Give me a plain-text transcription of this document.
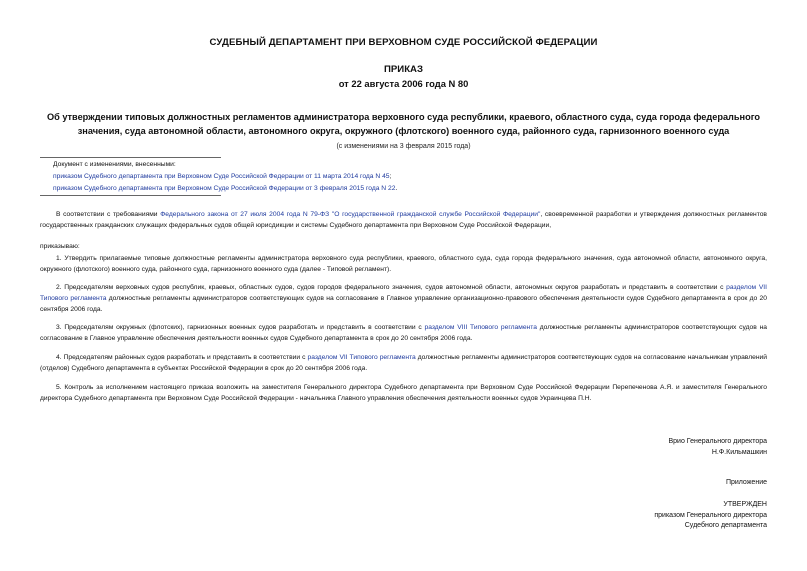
СУДЕБНЫЙ ДЕПАРТАМЕНТ ПРИ ВЕРХОВНОМ СУДЕ РОССИЙСКОЙ ФЕДЕРАЦИИ
ПРИКАЗ
от 22 августа 2006 года N 80
Об утверждении типовых должностных регламентов администратора верховного суда республики, краевого, областного суда, суда города федерального значения, суда автономной области, автономного округа, окружного (флотского) военного суда, районного суда, гарнизонного военного суда
(с изменениями на 3 февраля 2015 года)
Документ с изменениями, внесенными:
приказом Судебного департамента при Верховном Суде Российской Федерации от 11 марта 2014 года N 45;
приказом Судебного департамента при Верховном Суде Российской Федерации от 3 февраля 2015 года N 22.
В соответствии с требованиями Федерального закона от 27 июля 2004 года N 79-ФЗ "О государственной гражданской службе Российской Федерации", своевременной разработки и утверждения должностных регламентов государственных гражданских служащих федеральных судов общей юрисдикции и системы Судебного департамента при Верховном Суде Российской Федерации,
приказываю:
1. Утвердить прилагаемые типовые должностные регламенты администратора верховного суда республики, краевого, областного суда, суда города федерального значения, суда автономной области, автономного округа, окружного (флотского) военного суда, районного суда, гарнизонного военного суда (далее - Типовой регламент).
2. Председателям верховных судов республик, краевых, областных судов, судов городов федерального значения, судов автономной области, автономных округов разработать и представить в соответствии с разделом VII Типового регламента должностные регламенты администраторов соответствующих судов на согласование в Главное управление организационно-правового обеспечения деятельности судов Судебного департамента в срок до 20 сентября 2006 года.
3. Председателям окружных (флотских), гарнизонных военных судов разработать и представить в соответствии с разделом VIII Типового регламента должностные регламенты администраторов соответствующих судов на согласование в Главное управление обеспечения деятельности военных судов Судебного департамента в срок до 20 сентября 2006 года.
4. Председателям районных судов разработать и представить в соответствии с разделом VII Типового регламента должностные регламенты администраторов соответствующих судов на согласование начальникам управлений (отделов) Судебного департамента в субъектах Российской Федерации в срок до 20 сентября 2006 года.
5. Контроль за исполнением настоящего приказа возложить на заместителя Генерального директора Судебного департамента при Верховном Суде Российской Федерации Перепеченова А.Я. и заместителя Генерального директора Судебного департамента при Верховном Суде Российской Федерации - начальника Главного управления обеспечения деятельности военных судов Украинцева П.Н.
Врио Генерального директора
Н.Ф.Кильмашкин
Приложение
УТВЕРЖДЕН
приказом Генерального директора
Судебного департамента
